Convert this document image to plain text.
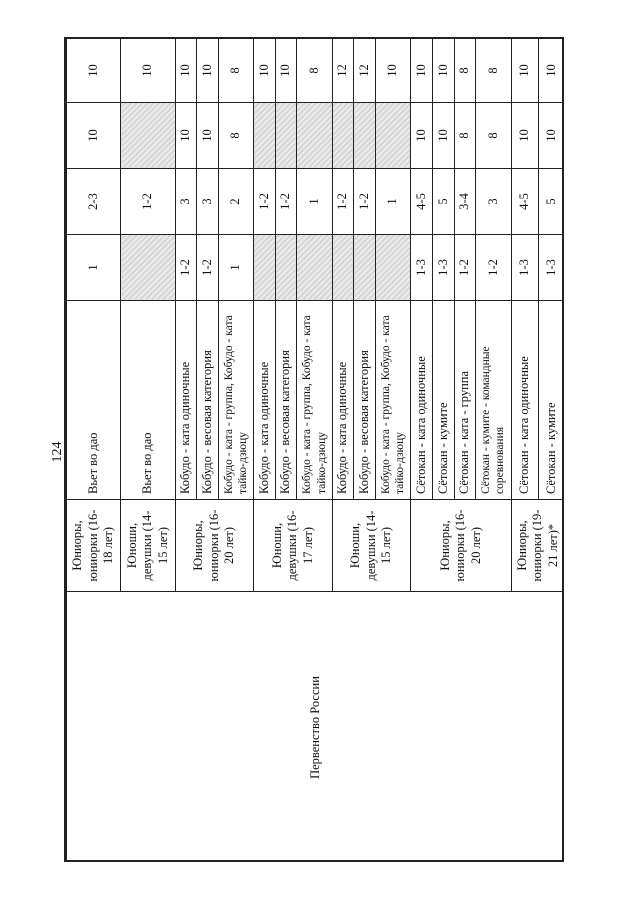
124
Первенство России	Юниоры, юниорки (16-18 лет)	Вьет во дао	1	2-3	10	10
	Юноши, девушки (14-15 лет)	Вьет во дао		1-2		10
	Юниоры, юниорки (16-20 лет)	Кобудо - ката одиночные	1-2	3	10	10
		Кобудо - весовая категория	1-2	3	10	10
		Кобудо - ката - группа, Кобудо - ката тайко-дзюцу	1	2	8	8
	Юноши, девушки (16-17 лет)	Кобудо - ката одиночные		1-2		10
		Кобудо - весовая категория		1-2		10
		Кобудо - ката - группа, Кобудо - ката тайко-дзюцу		1		8
	Юноши, девушки (14-15 лет)	Кобудо - ката одиночные		1-2		12
		Кобудо - весовая категория		1-2		12
		Кобудо - ката - группа, Кобудо - ката тайко-дзюцу		1		10
	Юниоры, юниорки (16-20 лет)	Сётокан - ката одиночные	1-3	4-5	10	10
		Сётокан - кумите	1-3	5	10	10
		Сётокан - ката - группа	1-2	3-4	8	8
		Сётокан - кумите - командные соревнования	1-2	3	8	8
	Юниоры, юниорки (19-21 лет)*	Сётокан - ката одиночные	1-3	4-5	10	10
		Сётокан - кумите	1-3	5	10	10
